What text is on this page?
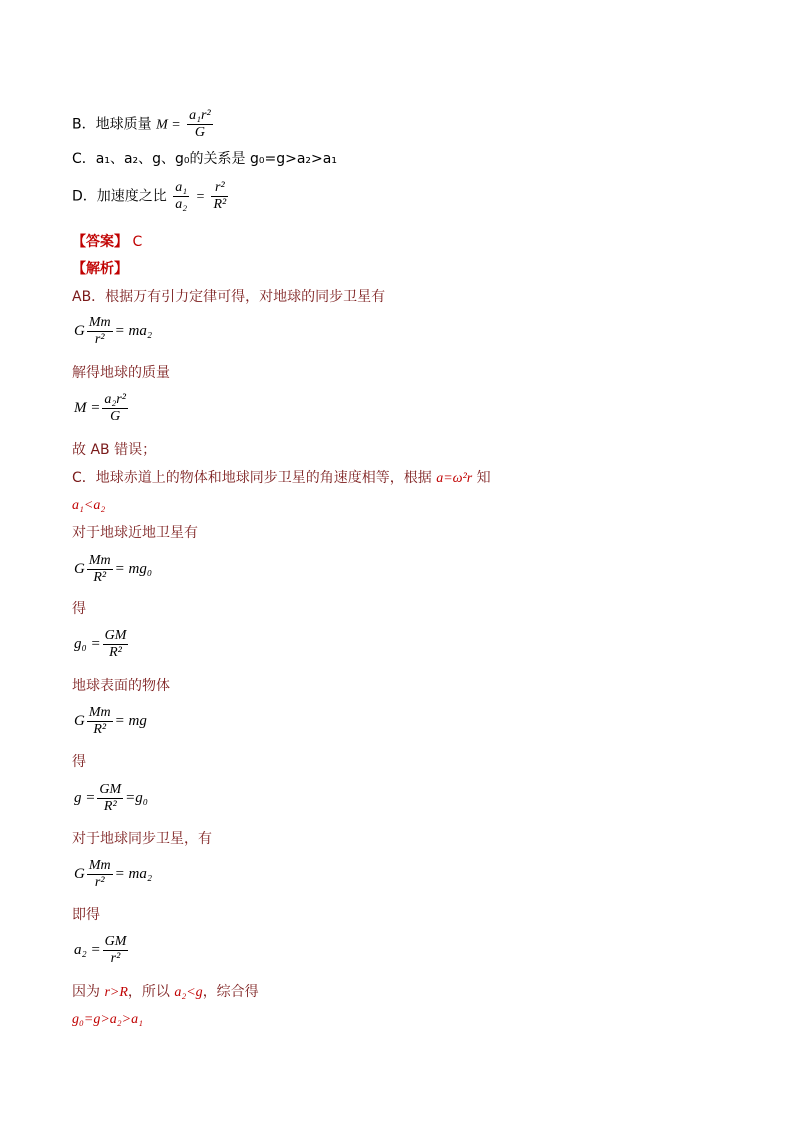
B．地球质量 $M = \frac{\text{a₁r²}}{G}$
C．a₁、a₂、g、g₀的关系是 g₀=g>a₂>a₁
D．加速度之比 $\frac{\text{a₁}}{\text{a₂}} = \frac{\text{r²}}{\text{R²}}$
【答案】 C
【解析】
AB．根据万有引力定律可得，对地球的同步卫星有
G $\frac{Mm}{\text{r²}} = ma_2$
解得地球的质量
$M = \frac{\text{a₂r²}}{G}$
故 AB 错误；
C．地球赤道上的物体和地球同步卫星的角速度相等，根据 a=ω²r 知
a₁<a₂
对于地球近地卫星有
G $\frac{Mm}{\text{R²}} = mg_0$
得
$g_0 = \frac{GM}{\text{R²}}$
地球表面的物体
G $\frac{Mm}{\text{R²}}$ = mg
得
$g = \frac{GM}{\text{R²}} =g_0$
对于地球同步卫星，有
G $\frac{Mm}{\text{r²}} = ma_2$
即得
$a_2 = \frac{GM}{\text{r²}}$
因为 r>R，所以 a₂<g，综合得
g₀=g>a₂>a₁
